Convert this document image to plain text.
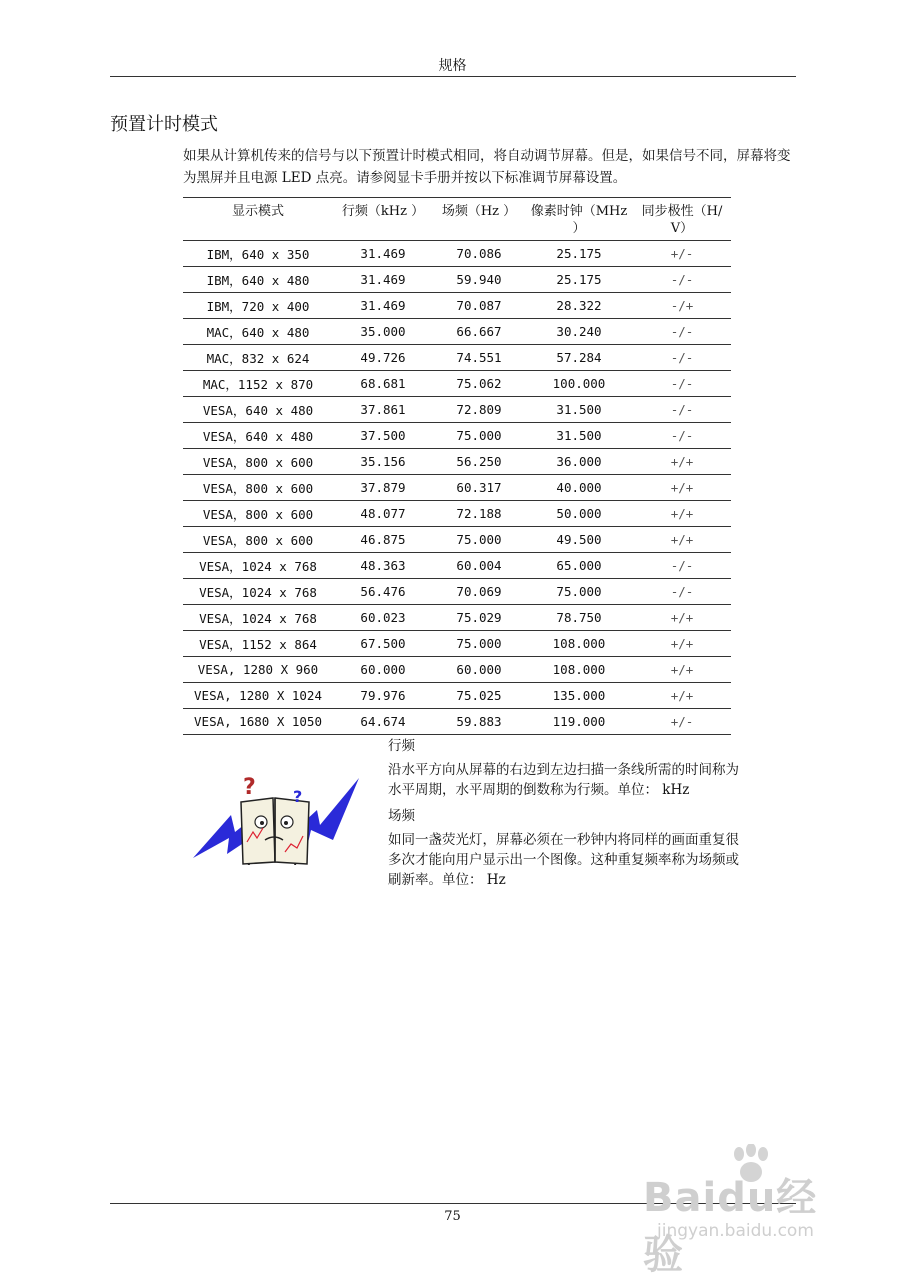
规格
预置计时模式
如果从计算机传来的信号与以下预置计时模式相同，将自动调节屏幕。但是，如果信号不同，屏幕将变为黑屏并且电源 LED 点亮。请参阅显卡手册并按以下标准调节屏幕设置。
显示模式	行频（kHz ）	场频（Hz ）	像素时钟（MHz ）	同步极性（H/ V）
IBM，640 x 350	31.469	70.086	25.175	+/-
IBM，640 x 480	31.469	59.940	25.175	-/-
IBM，720 x 400	31.469	70.087	28.322	-/+
MAC，640 x 480	35.000	66.667	30.240	-/-
MAC，832 x 624	49.726	74.551	57.284	-/-
MAC，1152 x 870	68.681	75.062	100.000	-/-
VESA，640 x 480	37.861	72.809	31.500	-/-
VESA，640 x 480	37.500	75.000	31.500	-/-
VESA，800 x 600	35.156	56.250	36.000	+/+
VESA，800 x 600	37.879	60.317	40.000	+/+
VESA，800 x 600	48.077	72.188	50.000	+/+
VESA，800 x 600	46.875	75.000	49.500	+/+
VESA，1024 x 768	48.363	60.004	65.000	-/-
VESA，1024 x 768	56.476	70.069	75.000	-/-
VESA，1024 x 768	60.023	75.029	78.750	+/+
VESA，1152 x 864	67.500	75.000	108.000	+/+
VESA, 1280 X 960	60.000	60.000	108.000	+/+
VESA, 1280 X 1024	79.976	75.025	135.000	+/+
VESA, 1680 X 1050	64.674	59.883	119.000	+/-
? ?
行频
沿水平方向从屏幕的右边到左边扫描一条线所需的时间称为水平周期，水平周期的倒数称为行频。单位： kHz
场频
如同一盏荧光灯，屏幕必须在一秒钟内将同样的画面重复很多次才能向用户显示出一个图像。这种重复频率称为场频或刷新率。单位： Hz
75	Baidu经验
jingyan.baidu.com
